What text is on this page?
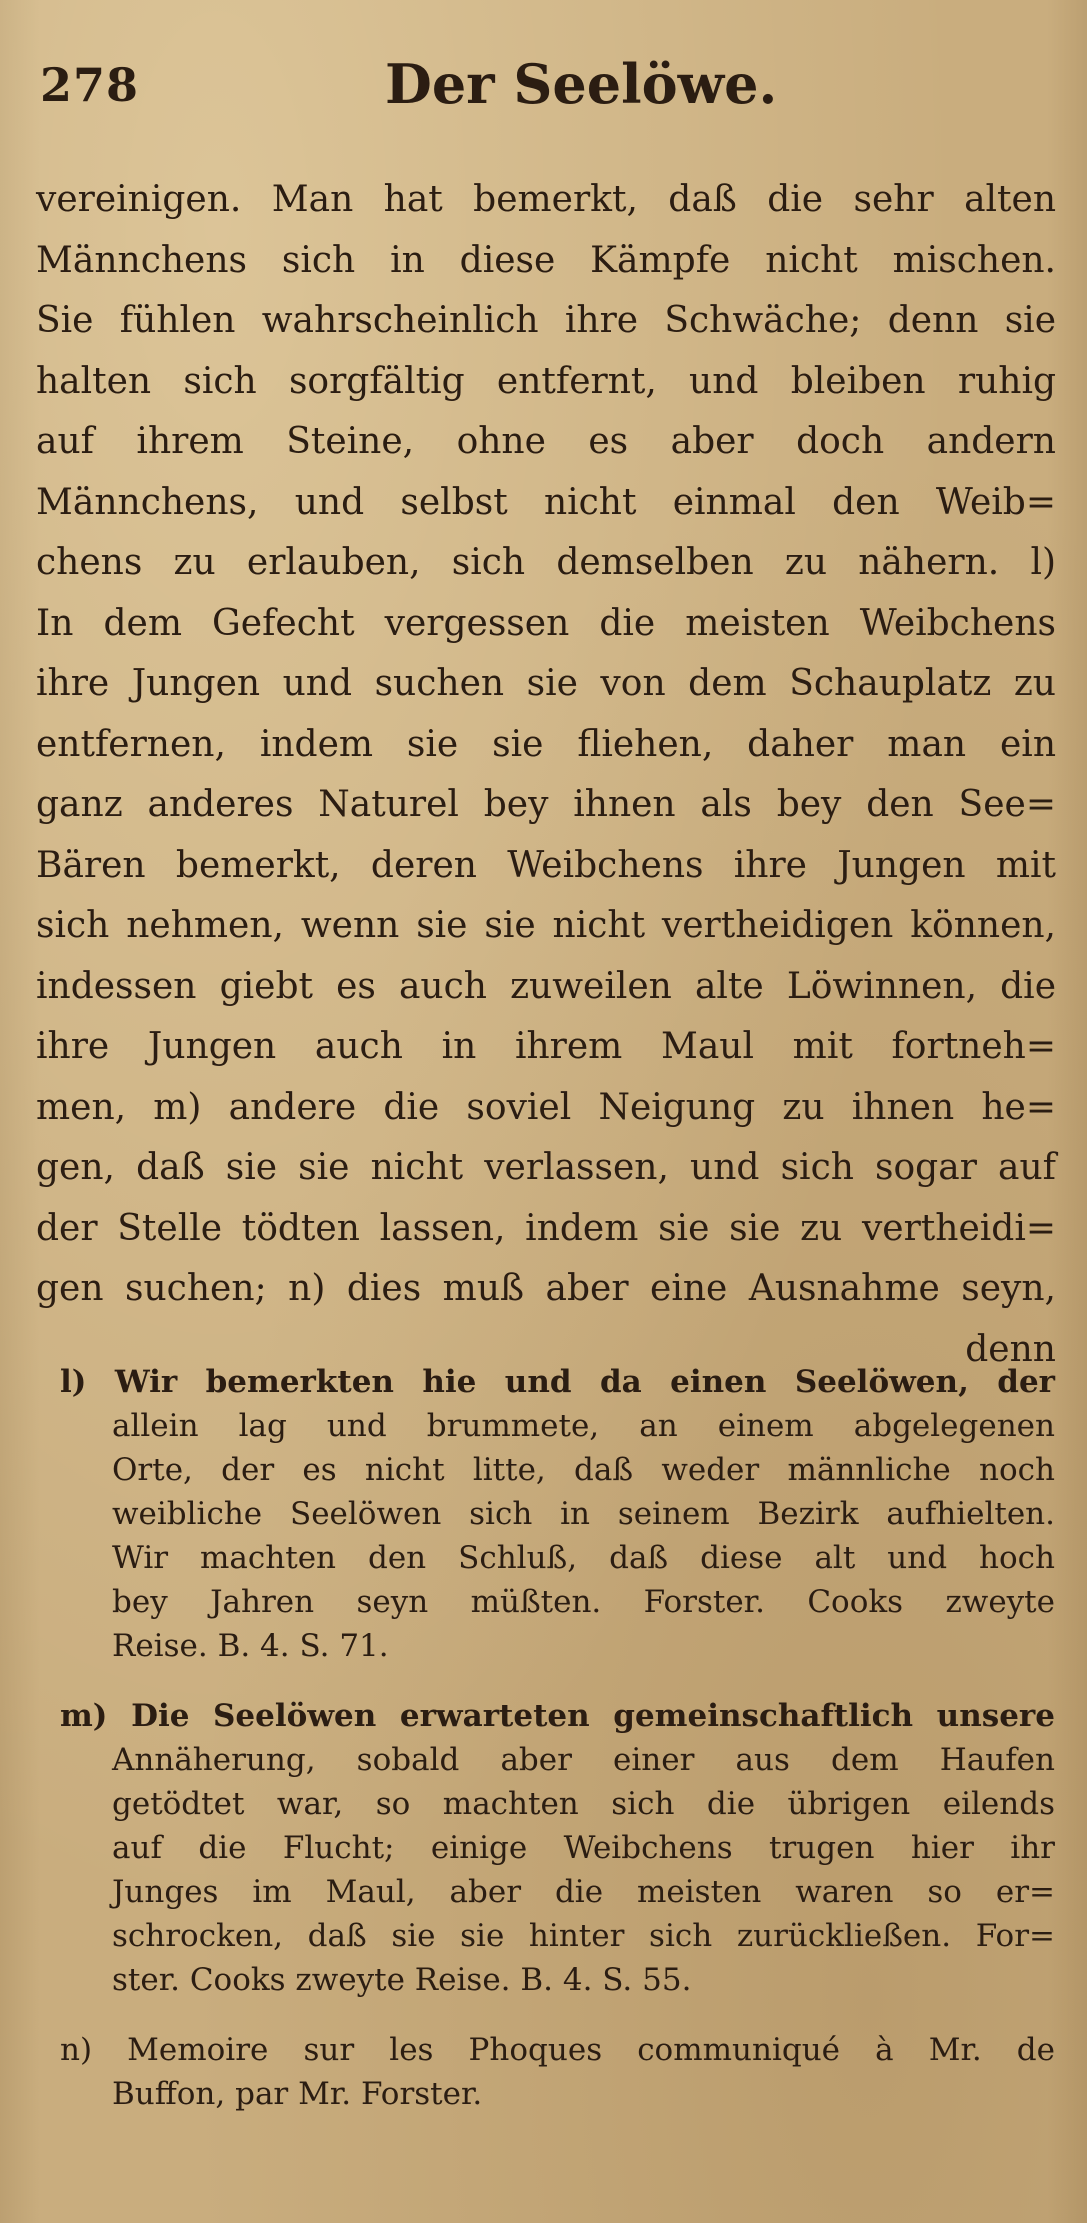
278	Der Seelöwe.
vereinigen. Man hat bemerkt, daß die sehr alten
Männchens sich in diese Kämpfe nicht mischen.
Sie fühlen wahrscheinlich ihre Schwäche; denn sie
halten sich sorgfältig entfernt, und bleiben ruhig
auf ihrem Steine, ohne es aber doch andern
Männchens, und selbst nicht einmal den Weib=
chens zu erlauben, sich demselben zu nähern. l)
In dem Gefecht vergessen die meisten Weibchens
ihre Jungen und suchen sie von dem Schauplatz zu
entfernen, indem sie sie fliehen, daher man ein
ganz anderes Naturel bey ihnen als bey den See=
Bären bemerkt, deren Weibchens ihre Jungen mit
sich nehmen, wenn sie sie nicht vertheidigen können,
indessen giebt es auch zuweilen alte Löwinnen, die
ihre Jungen auch in ihrem Maul mit fortneh=
men, m) andere die soviel Neigung zu ihnen he=
gen, daß sie sie nicht verlassen, und sich sogar auf
der Stelle tödten lassen, indem sie sie zu vertheidi=
gen suchen; n) dies muß aber eine Ausnahme seyn,
denn
l) Wir bemerkten hie und da einen Seelöwen, der
allein lag und brummete, an einem abgelegenen
Orte, der es nicht litte, daß weder männliche noch
weibliche Seelöwen sich in seinem Bezirk aufhielten.
Wir machten den Schluß, daß diese alt und hoch
bey Jahren seyn müßten. Forster. Cooks zweyte
Reise. B. 4. S. 71.
m) Die Seelöwen erwarteten gemeinschaftlich unsere
Annäherung, sobald aber einer aus dem Haufen
getödtet war, so machten sich die übrigen eilends
auf die Flucht; einige Weibchens trugen hier ihr
Junges im Maul, aber die meisten waren so er=
schrocken, daß sie sie hinter sich zurückließen. For=
ster. Cooks zweyte Reise. B. 4. S. 55.
n) Memoire sur les Phoques communiqué à Mr. de
Buffon, par Mr. Forster.
